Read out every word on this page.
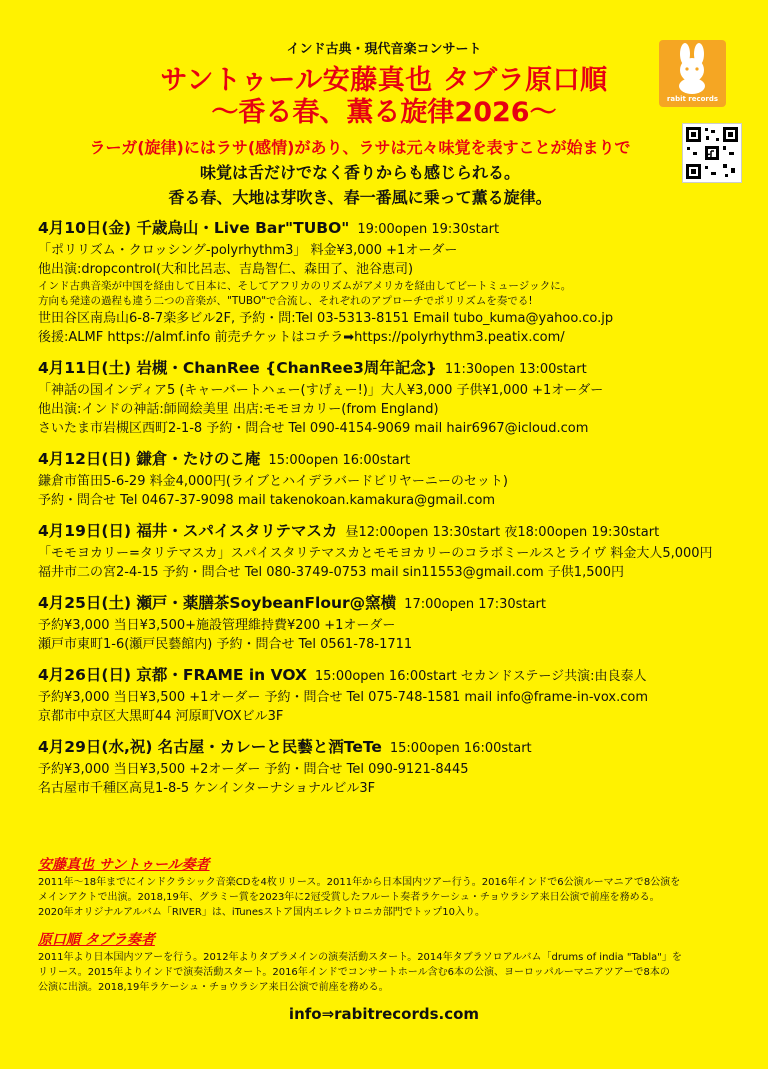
インド古典・現代音楽コンサート
サントゥール安藤真也 タブラ原口順
〜香る春、薫る旋律2026〜	rabit records
ラーガ(旋律)にはラサ(感情)があり、ラサは元々味覚を表すことが始まりで
味覚は舌だけでなく香りからも感じられる。
香る春、大地は芽吹き、春一番風に乗って薫る旋律。
4月10日(金) 千歳烏山・Live Bar"TUBO" 19:00open 19:30start
「ポリリズム・クロッシング-polyrhythm3」 料金¥3,000 +1オーダー
他出演:dropcontrol(大和比呂志、吉島智仁、森田了、池谷恵司)
インド古典音楽が中国を経由して日本に、そしてアフリカのリズムがアメリカを経由してビートミュージックに。
方向も発達の過程も違う二つの音楽が、"TUBO"で合流し、それぞれのアプローチでポリリズムを奏でる!
世田谷区南烏山6-8-7楽多ビル2F, 予約・問:Tel 03-5313-8151 Email tubo_kuma@yahoo.co.jp
後援:ALMF https://almf.info 前売チケットはコチラ➡https://polyrhythm3.peatix.com/
4月11日(土) 岩槻・ChanRee {ChanRee3周年記念} 11:30open 13:00start
「神話の国インディア5 (キャーバートハェー(すげぇー!)」大人¥3,000 子供¥1,000 +1オーダー
他出演:インドの神話:師岡絵美里 出店:モモヨカリー(from England)
さいたま市岩槻区西町2-1-8 予約・問合せ Tel 090-4154-9069 mail hair6967@icloud.com
4月12日(日) 鎌倉・たけのこ庵 15:00open 16:00start
鎌倉市笛田5-6-29 料金4,000円(ライブとハイデラバードビリヤーニーのセット)
予約・問合せ Tel 0467-37-9098 mail takenokoan.kamakura@gmail.com
4月19日(日) 福井・スパイスタリテマスカ 昼12:00open 13:30start 夜18:00open 19:30start
「モモヨカリー=タリテマスカ」スパイスタリテマスカとモモヨカリーのコラボミールスとライヴ 料金大人5,000円
福井市二の宮2-4-15 予約・問合せ Tel 080-3749-0753 mail sin11553@gmail.com 子供1,500円
4月25日(土) 瀬戸・薬膳茶SoybeanFlour@窯横 17:00open 17:30start
予約¥3,000 当日¥3,500+施設管理維持費¥200 +1オーダー
瀬戸市東町1-6(瀬戸民藝館内) 予約・問合せ Tel 0561-78-1711
4月26日(日) 京都・FRAME in VOX 15:00open 16:00start セカンドステージ共演:由良泰人
予約¥3,000 当日¥3,500 +1オーダー 予約・問合せ Tel 075-748-1581 mail info@frame-in-vox.com
京都市中京区大黒町44 河原町VOXビル3F
4月29日(水,祝) 名古屋・カレーと民藝と酒TeTe 15:00open 16:00start
予約¥3,000 当日¥3,500 +2オーダー 予約・問合せ Tel 090-9121-8445
名古屋市千種区高見1-8-5 ケンインターナショナルビル3F
安藤真也 サントゥール奏者
2011年〜18年までにインドクラシック音楽CDを4枚リリース。2011年から日本国内ツアー行う。2016年インドで6公演ルーマニアで8公演を
メインアクトで出演。2018,19年、グラミー賞を2023年に2冠受賞したフルート奏者ラケーシュ・チョウラシア来日公演で前座を務める。
2020年オリジナルアルバム「RIVER」は、iTunesストア国内エレクトロニカ部門でトップ10入り。
原口順 タブラ奏者
2011年より日本国内ツアーを行う。2012年よりタブラメインの演奏活動スタート。2014年タブラソロアルバム「drums of india "Tabla"」を
リリース。2015年よりインドで演奏活動スタート。2016年インドでコンサートホール含む6本の公演、ヨーロッパルーマニアツアーで8本の
公演に出演。2018,19年ラケーシュ・チョウラシア来日公演で前座を務める。
info⇒rabitrecords.com
